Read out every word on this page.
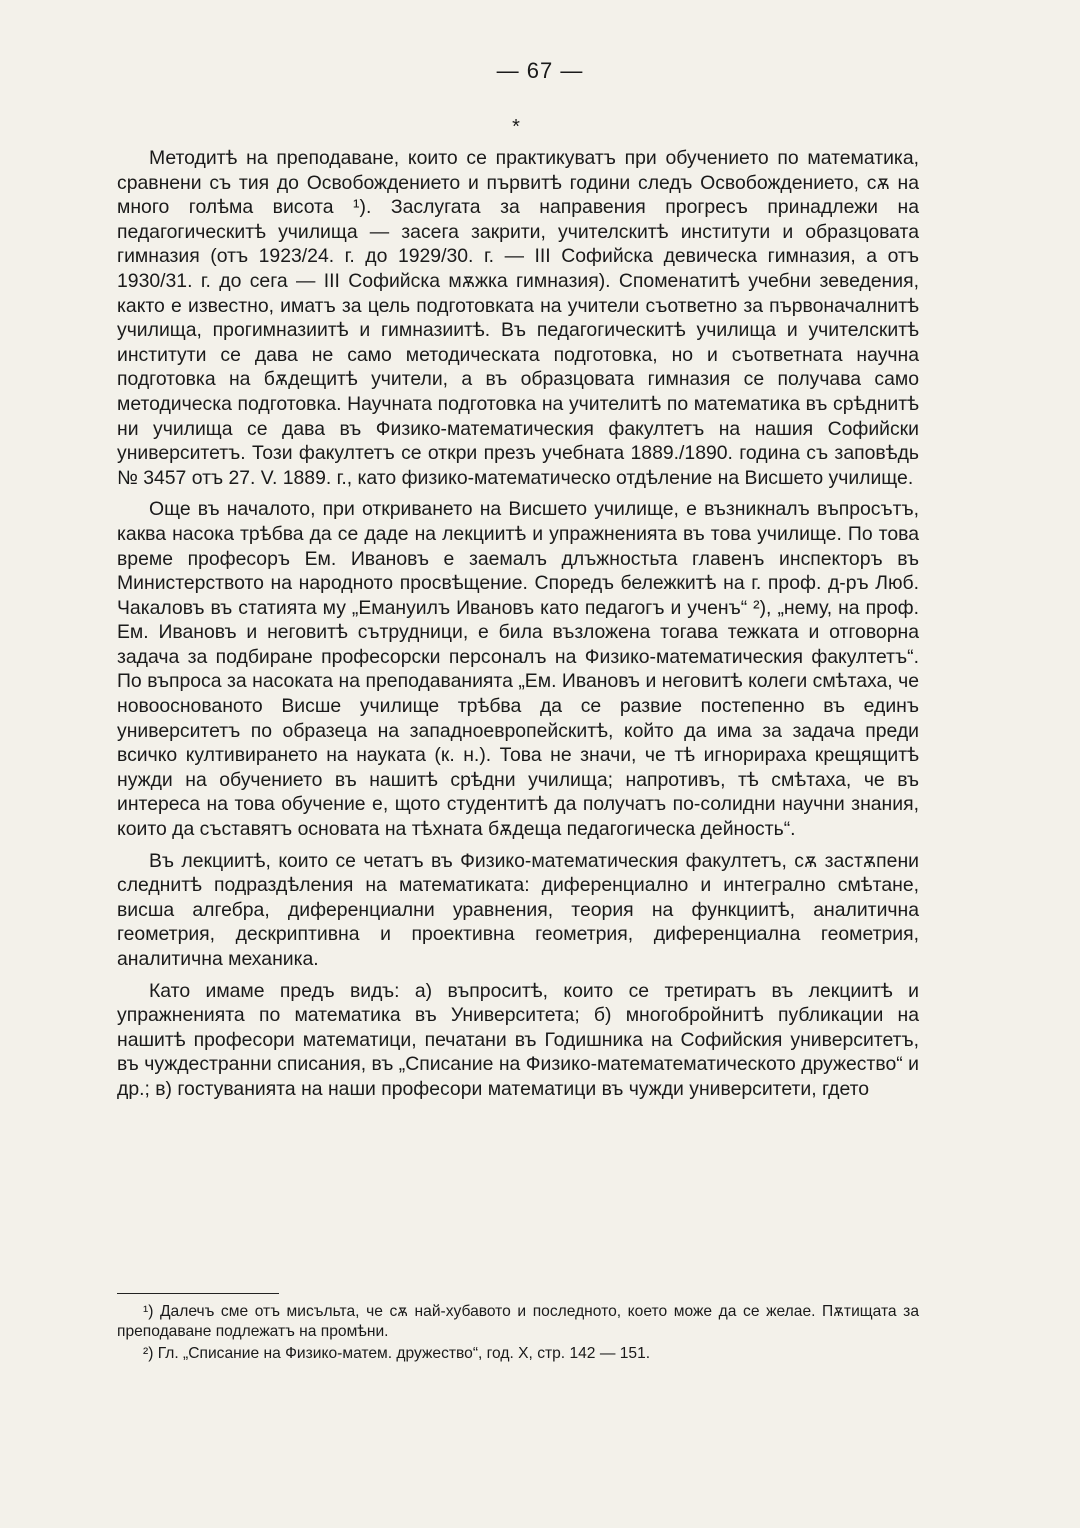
— 67 —
*

Методитѣ на преподаване, които се практикуватъ при обучението по математика, сравнени съ тия до Освобождението и първитѣ години следъ Освобождението, сѫ на много голѣма висота ¹). Заслугата за направения прогресъ принадлежи на педагогическитѣ училища — засега закрити, учителскитѣ институти и образцовата гимназия (отъ 1923/24. г. до 1929/30. г. — III Софийска девическа гимназия, а отъ 1930/31. г. до сега — III Софийска мѫжка гимназия). Споменатитѣ учебни зеведения, както е известно, иматъ за цель подготовката на учители съответно за първоначалнитѣ училища, прогимназиитѣ и гимназиитѣ. Въ педагогическитѣ училища и учителскитѣ институти се дава не само методическата подготовка, но и съответната научна подготовка на бѫдещитѣ учители, а въ образцовата гимназия се получава само методическа подготовка. Научната подготовка на учителитѣ по математика въ срѣднитѣ ни училища се дава въ Физико-математическия факултетъ на нашия Софийски университетъ. Този факултетъ се откри презъ учебната 1889./1890. година съ заповѣдь № 3457 отъ 27. V. 1889. г., като физико-математическо отдѣление на Висшето училище.

Още въ началото, при откриването на Висшето училище, е възникналъ въпросътъ, каква насока трѣбва да се даде на лекциитѣ и упражненията въ това училище. По това време професоръ Ем. Ивановъ е заемалъ длъжностьта главенъ инспекторъ въ Министерството на народното просвѣщение. Споредъ бележкитѣ на г. проф. д-ръ Люб. Чакаловъ въ статията му „Емануилъ Ивановъ като педагогъ и ученъ“ ²), „нему, на проф. Ем. Ивановъ и неговитѣ сътрудници, е била възложена тогава тежката и отговорна задача за подбиране професорски персоналъ на Физико-математическия факултетъ“. По въпроса за насоката на преподаванията „Ем. Ивановъ и неговитѣ колеги смѣтаха, че новооснованото Висше училище трѣбва да се развие постепенно въ единъ университетъ по образеца на западноевропейскитѣ, който да има за задача преди всичко култивирането на науката (к. н.). Това не значи, че тѣ игнорираха крещящитѣ нужди на обучението въ нашитѣ срѣдни училища; напротивъ, тѣ смѣтаха, че въ интереса на това обучение е, щото студентитѣ да получатъ по-солидни научни знания, които да съставятъ основата на тѣхната бѫдеща педагогическа дейность“.

Въ лекциитѣ, които се четатъ въ Физико-математическия факултетъ, сѫ застѫпени следнитѣ подраздѣления на математиката: диференциално и интегрално смѣтане, висша алгебра, диференциални уравнения, теория на функциитѣ, аналитична геометрия, дескриптивна и проективна геометрия, диференциална геометрия, аналитична механика.

Като имаме предъ видъ: а) въпроситѣ, които се третиратъ въ лекциитѣ и упражненията по математика въ Университета; б) многобройнитѣ публикации на нашитѣ професори математици, печатани въ Годишника на Софийския университетъ, въ чуждестранни списания, въ „Списание на Физико-математематическото дружество“ и др.; в) гостуванията на наши професори математици въ чужди университети, гдето

¹) Далечъ сме отъ мисъльта, че сѫ най-хубавото и последното, което може да се желае. Пѫтищата за преподаване подлежатъ на промѣни.

²) Гл. „Списание на Физико-матем. дружество“, год. X, стр. 142 — 151.
